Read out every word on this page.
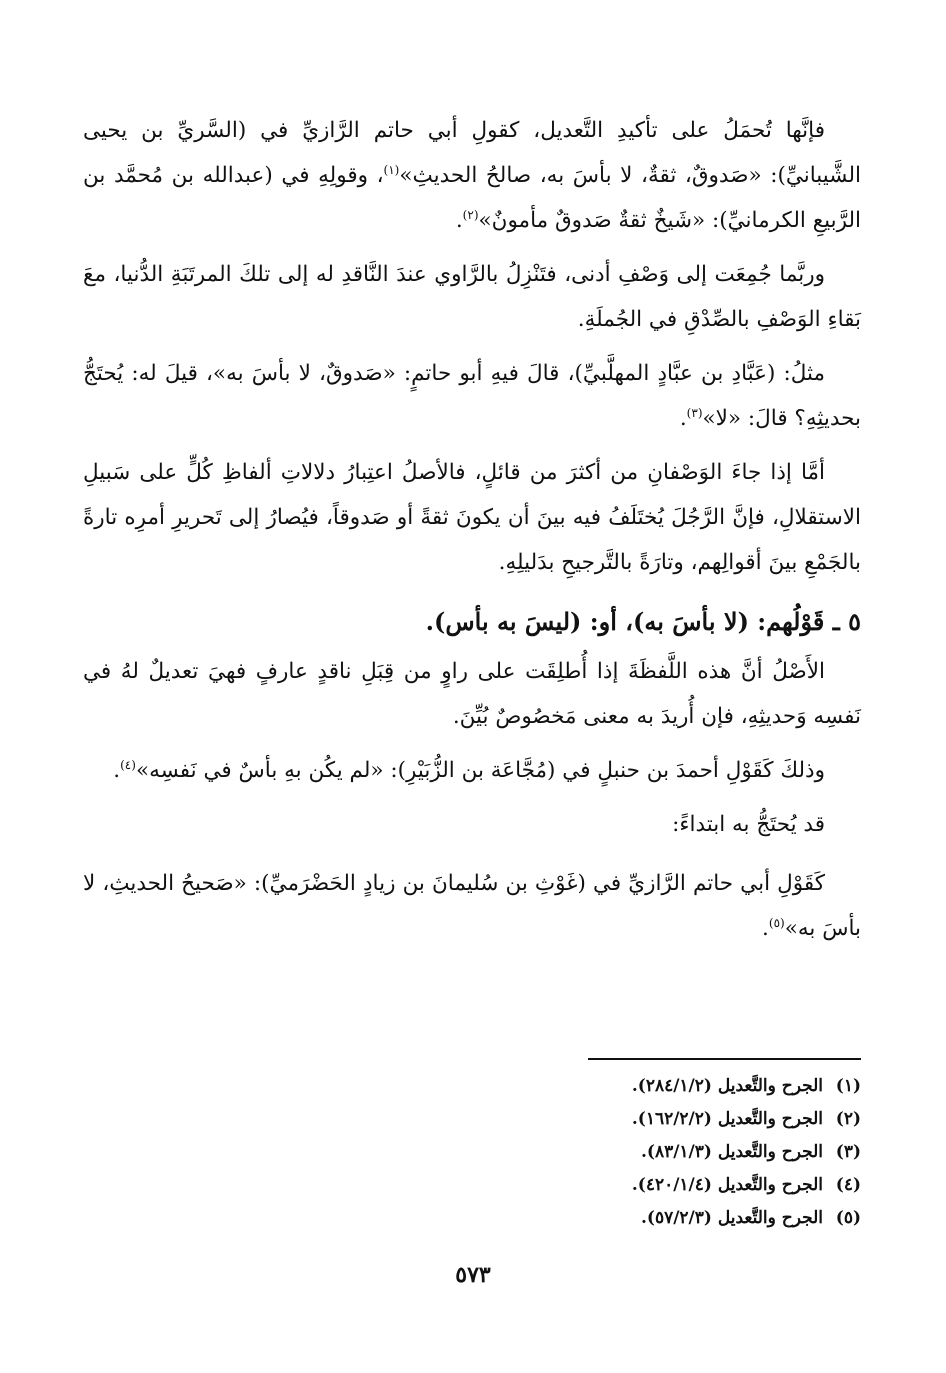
فإنَّها تُحمَلُ على تأكيدِ التَّعديل، كقولِ أبي حاتم الرَّازيِّ في (السَّريِّ بن يحيى الشَّيبانيِّ): «صَدوقٌ، ثقةٌ، لا بأسَ به، صالحُ الحديثِ»$^{(١)}$، وقولِهِ في (عبدالله بن مُحمَّد بن الرَّبيعِ الكرمانيِّ): «شَيخٌ ثقةٌ صَدوقٌ مأمونٌ»$^{(٢)}$.

وربَّما جُمِعَت إلى وَصْفِ أدنى، فتَنْزِلُ بالرَّاوي عندَ النَّاقدِ له إلى تلكَ المرتَبَةِ الدُّنيا، معَ بَقاءِ الوَصْفِ بالصِّدْقِ في الجُملَةِ.

مثلُ: (عَبَّادِ بن عبَّادٍ المهلَّبيِّ)، قالَ فيهِ أبو حاتمٍ: «صَدوقٌ، لا بأسَ به»، قيلَ له: يُحتَجُّ بحديثِهِ؟ قالَ: «لا»$^{(٣)}$.

أمَّا إذا جاءَ الوَصْفانِ من أكثرَ من قائلٍ، فالأصلُ اعتِبارُ دلالاتِ ألفاظِ كُلٍّ على سَبيلِ الاستقلالِ، فإنَّ الرَّجُلَ يُختَلَفُ فيه بينَ أن يكونَ ثقةً أو صَدوقاً، فيُصارُ إلى تَحريرِ أمرِه تارةً بالجَمْعِ بينَ أقوالِهم، وتارَةً بالتَّرجيحِ بدَليلِهِ.

٥ ـ قَوْلُهم: (لا بأسَ به)، أو: (ليسَ به بأس).

الأَصْلُ أنَّ هذه اللَّفظَةَ إذا أُطلِقَت على راوٍ من قِبَلِ ناقدٍ عارفٍ فهيَ تعديلٌ لهُ في نَفسِه وَحديثِهِ، فإن أُريدَ به معنى مَخصُوصٌ بُيِّنَ.

وذلكَ كَقَوْلِ أحمدَ بن حنبلٍ في (مُجَّاعَة بن الزُّبَيْرِ): «لم يكُن بهِ بأسٌ في نَفسِه»$^{(٤)}$.

قد يُحتَجُّ به ابتداءً:

كَقَوْلِ أبي حاتم الرَّازيِّ في (غَوْثِ بن سُليمانَ بن زيادٍ الحَضْرَميِّ): «صَحيحُ الحديثِ، لا بأسَ به»$^{(٥)}$.

(١)الجرح والتَّعديل (٢٨٤/١/٢).
(٢)الجرح والتَّعديل (١٦٢/٢/٢).
(٣)الجرح والتَّعديل (٨٣/١/٣).
(٤)الجرح والتَّعديل (٤٢٠/١/٤).
(٥)الجرح والتَّعديل (٥٧/٢/٣).
٥٧٣
